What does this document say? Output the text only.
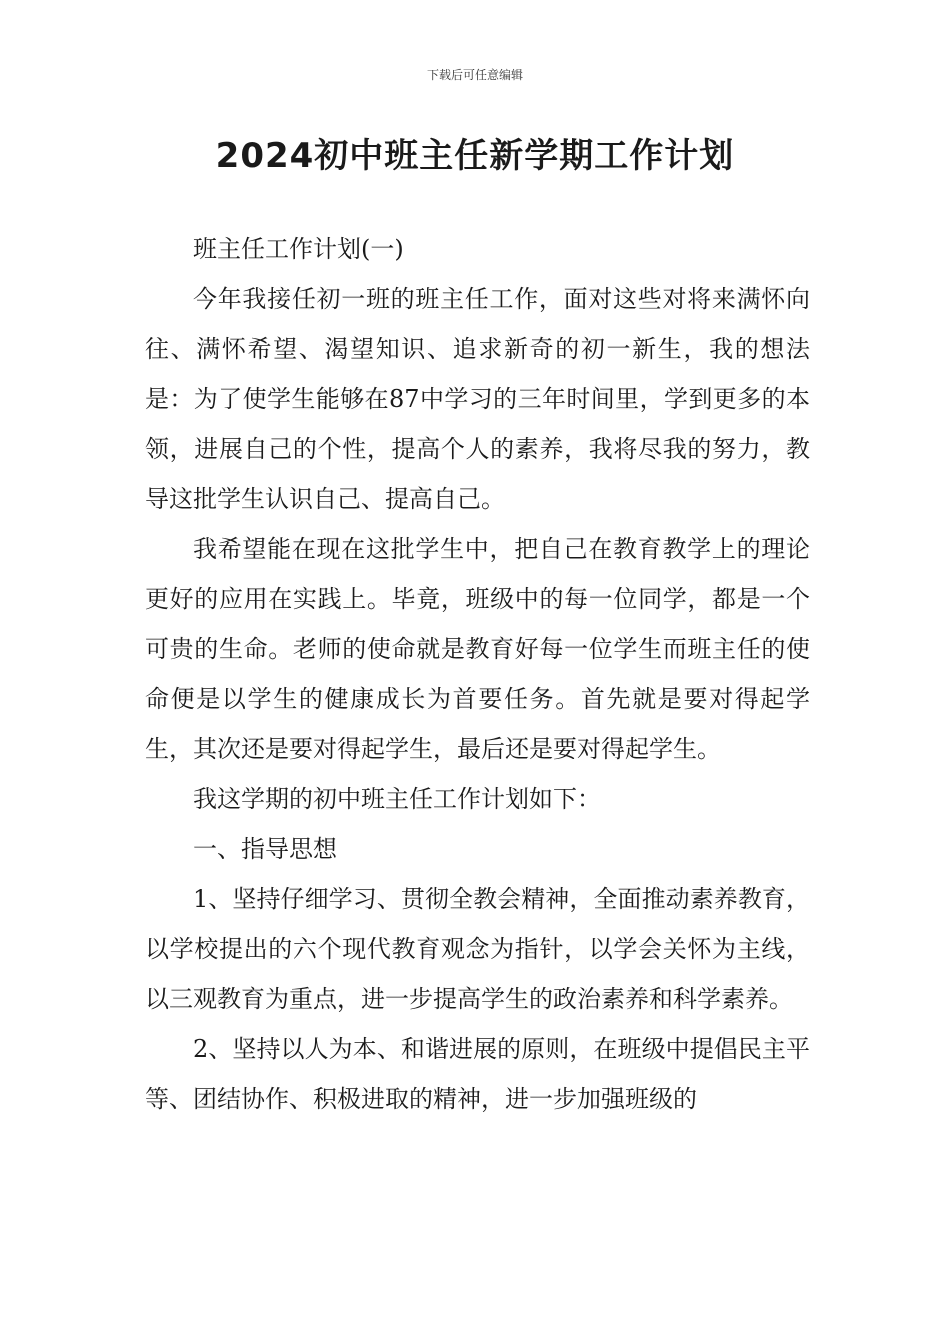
下载后可任意编辑
2024初中班主任新学期工作计划

班主任工作计划(一)

今年我接任初一班的班主任工作，面对这些对将来满怀向往、满怀希望、渴望知识、追求新奇的初一新生，我的想法是：为了使学生能够在87中学习的三年时间里，学到更多的本领，进展自己的个性，提高个人的素养，我将尽我的努力，教导这批学生认识自己、提高自己。

我希望能在现在这批学生中，把自己在教育教学上的理论更好的应用在实践上。毕竟，班级中的每一位同学，都是一个可贵的生命。老师的使命就是教育好每一位学生而班主任的使命便是以学生的健康成长为首要任务。首先就是要对得起学生，其次还是要对得起学生，最后还是要对得起学生。

我这学期的初中班主任工作计划如下：

一、指导思想

1、坚持仔细学习、贯彻全教会精神，全面推动素养教育，以学校提出的六个现代教育观念为指针，以学会关怀为主线，以三观教育为重点，进一步提高学生的政治素养和科学素养。

2、坚持以人为本、和谐进展的原则，在班级中提倡民主平等、团结协作、积极进取的精神，进一步加强班级的
